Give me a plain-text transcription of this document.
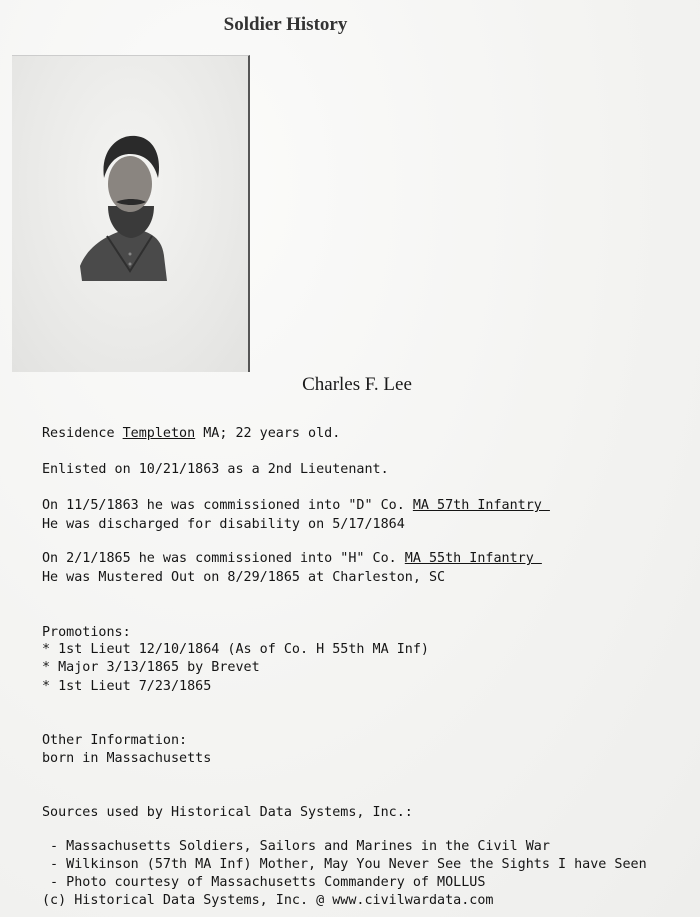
Soldier History
Charles F. Lee
Residence Templeton MA; 22 years old.
Enlisted on 10/21/1863 as a 2nd Lieutenant.
On 11/5/1863 he was commissioned into "D" Co. MA 57th Infantry
He was discharged for disability on 5/17/1864
On 2/1/1865 he was commissioned into "H" Co. MA 55th Infantry
He was Mustered Out on 8/29/1865 at Charleston, SC
Promotions:
* 1st Lieut 12/10/1864 (As of Co. H 55th MA Inf)
* Major 3/13/1865 by Brevet
* 1st Lieut 7/23/1865
Other Information:
born in Massachusetts
Sources used by Historical Data Systems, Inc.:
- Massachusetts Soldiers, Sailors and Marines in the Civil War
- Wilkinson (57th MA Inf) Mother, May You Never See the Sights I have Seen
- Photo courtesy of Massachusetts Commandery of MOLLUS
(c) Historical Data Systems, Inc. @ www.civilwardata.com
